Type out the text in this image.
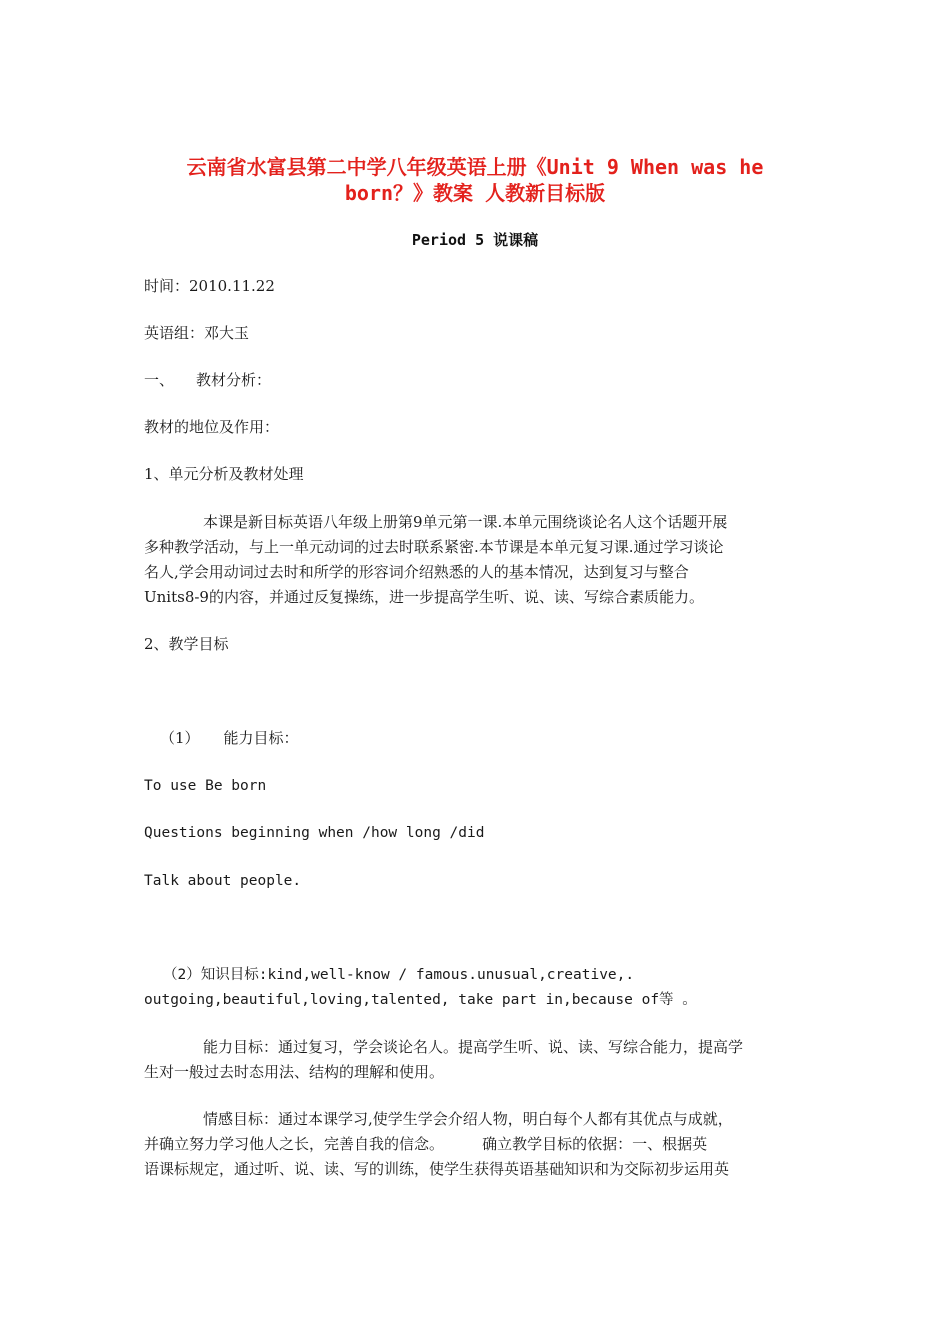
云南省水富县第二中学八年级英语上册《Unit 9 When was he
born？》教案 人教新目标版
Period 5 说课稿
时间：2010.11.22
英语组：邓大玉
一、 教材分析：
教材的地位及作用：
1、单元分析及教材处理
本课是新目标英语八年级上册第9单元第一课.本单元围绕谈论名人这个话题开展
多种教学活动，与上一单元动词的过去时联系紧密.本节课是本单元复习课.通过学习谈论
名人,学会用动词过去时和所学的形容词介绍熟悉的人的基本情况，达到复习与整合
Units8-9的内容，并通过反复操练，进一步提高学生听、说、读、写综合素质能力。
2、教学目标
（1） 能力目标：
To use Be born
Questions beginning when /how long /did
Talk about people.
（2）知识目标:kind,well-know / famous.unusual,creative,.
outgoing,beautiful,loving,talented, take part in,because of等 。
能力目标：通过复习，学会谈论名人。提高学生听、说、读、写综合能力，提高学
生对一般过去时态用法、结构的理解和使用。
情感目标：通过本课学习,使学生学会介绍人物，明白每个人都有其优点与成就，
并确立努力学习他人之长，完善自我的信念。        确立教学目标的依据：一、根据英
语课标规定，通过听、说、读、写的训练，使学生获得英语基础知识和为交际初步运用英
